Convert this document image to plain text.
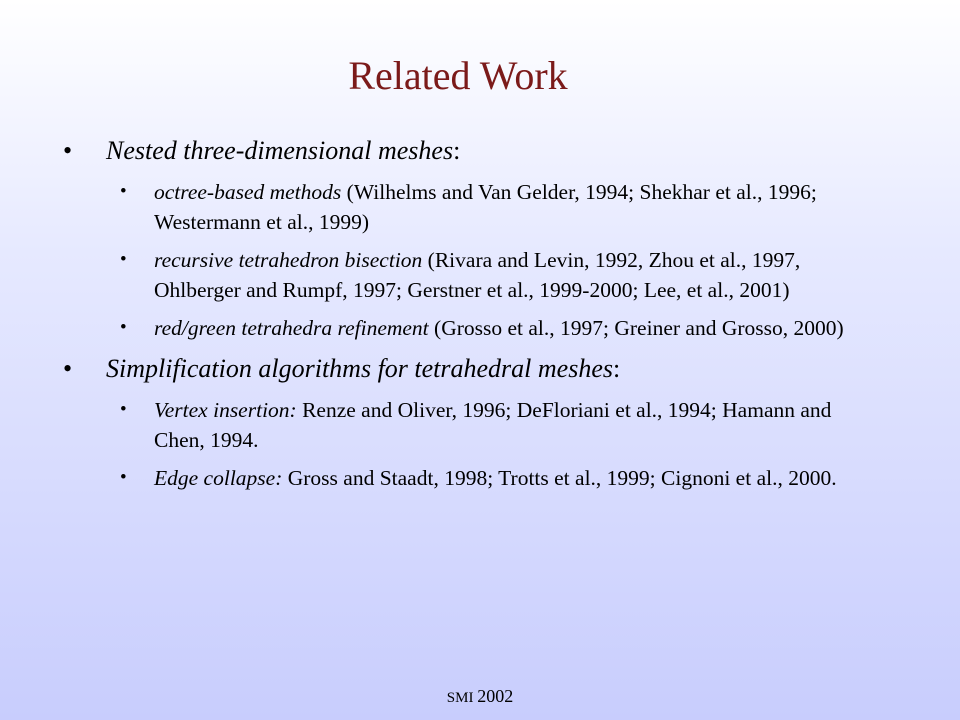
Related Work
• Nested three-dimensional meshes:
• octree-based methods (Wilhelms and Van Gelder, 1994; Shekhar et al., 1996; Westermann et al., 1999)
• recursive tetrahedron bisection (Rivara and Levin, 1992, Zhou et al., 1997, Ohlberger and Rumpf, 1997; Gerstner et al., 1999-2000; Lee, et al., 2001)
• red/green tetrahedra refinement (Grosso et al., 1997; Greiner and Grosso, 2000)
• Simplification algorithms for tetrahedral meshes:
• Vertex insertion: Renze and Oliver, 1996; DeFloriani et al., 1994; Hamann and Chen, 1994.
• Edge collapse: Gross and Staadt, 1998; Trotts et al., 1999; Cignoni et al., 2000.
SMI 2002
